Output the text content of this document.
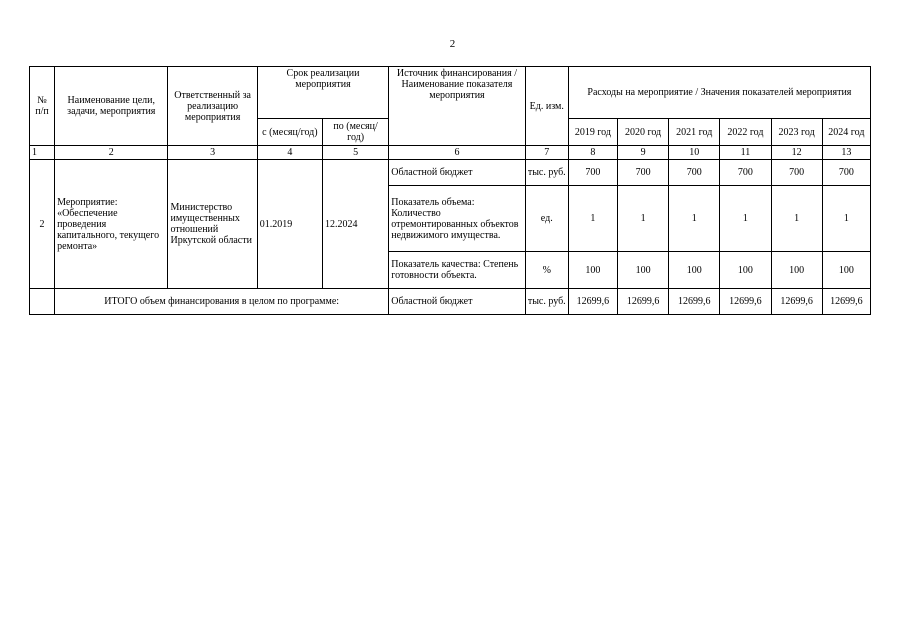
2
№ п/п	Наименование цели, задачи, мероприятия	Ответственный за реализацию мероприятия	Срок реализации мероприятия		Источник финансирования / Наименование показателя мероприятия	Ед. изм.	Расходы на мероприятие / Значения показателей мероприятия					
			с (месяц/год)	по (месяц/год)			2019 год	2020 год	2021 год	2022 год	2023 год	2024 год
1	2	3	4	5	6	7	8	9	10	11	12	13
2	Мероприятие: «Обеспечение проведения капитального, текущего ремонта»	Министерство имущественных отношений Иркутской области	01.2019	12.2024	Областной бюджет	тыс. руб.	700	700	700	700	700	700
					Показатель объема: Количество отремонтированных объектов недвижимого имущества.	ед.	1	1	1	1	1	1
					Показатель качества: Степень готовности объекта.	%	100	100	100	100	100	100
	ИТОГО объем финансирования в целом по программе:				Областной бюджет	тыс. руб.	12699,6	12699,6	12699,6	12699,6	12699,6	12699,6
